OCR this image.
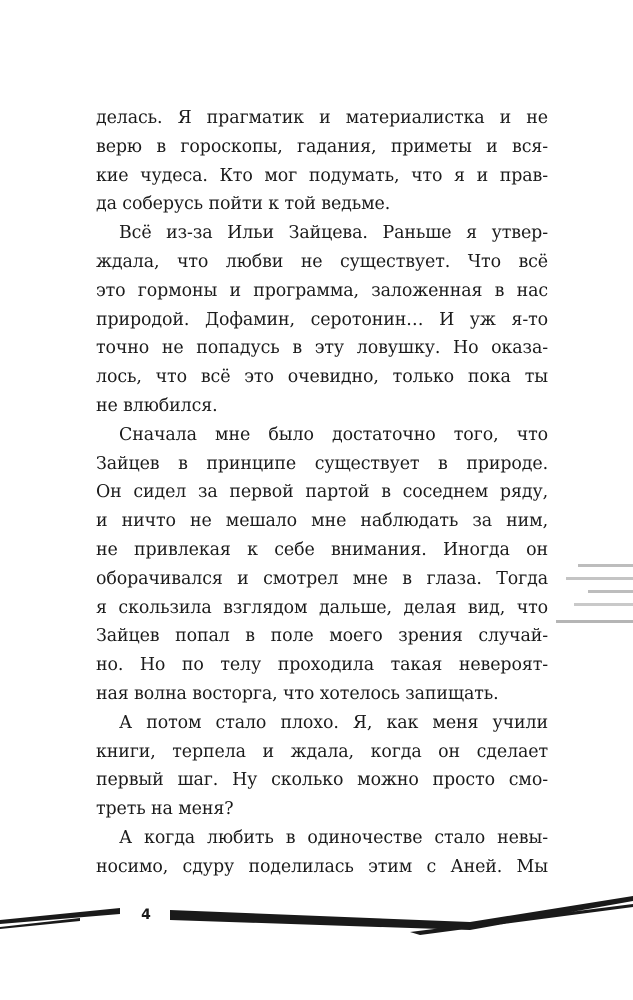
делась. Я прагматик и материалистка и не
верю в гороскопы, гадания, приметы и вся-
кие чудеса. Кто мог подумать, что я и прав-
да соберусь пойти к той ведьме.
Всё из-за Ильи Зайцева. Раньше я утвер-
ждала, что любви не существует. Что всё
это гормоны и программа, заложенная в нас
природой. Дофамин, серотонин… И уж я-то
точно не попадусь в эту ловушку. Но оказа-
лось, что всё это очевидно, только пока ты
не влюбился.
Сначала мне было достаточно того, что
Зайцев в принципе существует в природе.
Он сидел за первой партой в соседнем ряду,
и ничто не мешало мне наблюдать за ним,
не привлекая к себе внимания. Иногда он
оборачивался и смотрел мне в глаза. Тогда
я скользила взглядом дальше, делая вид, что
Зайцев попал в поле моего зрения случай-
но. Но по телу проходила такая невероят-
ная волна восторга, что хотелось запищать.
А потом стало плохо. Я, как меня учили
книги, терпела и ждала, когда он сделает
первый шаг. Ну сколько можно просто смо-
треть на меня?
А когда любить в одиночестве стало невы-
носимо, сдуру поделилась этим с Аней. Мы
4
